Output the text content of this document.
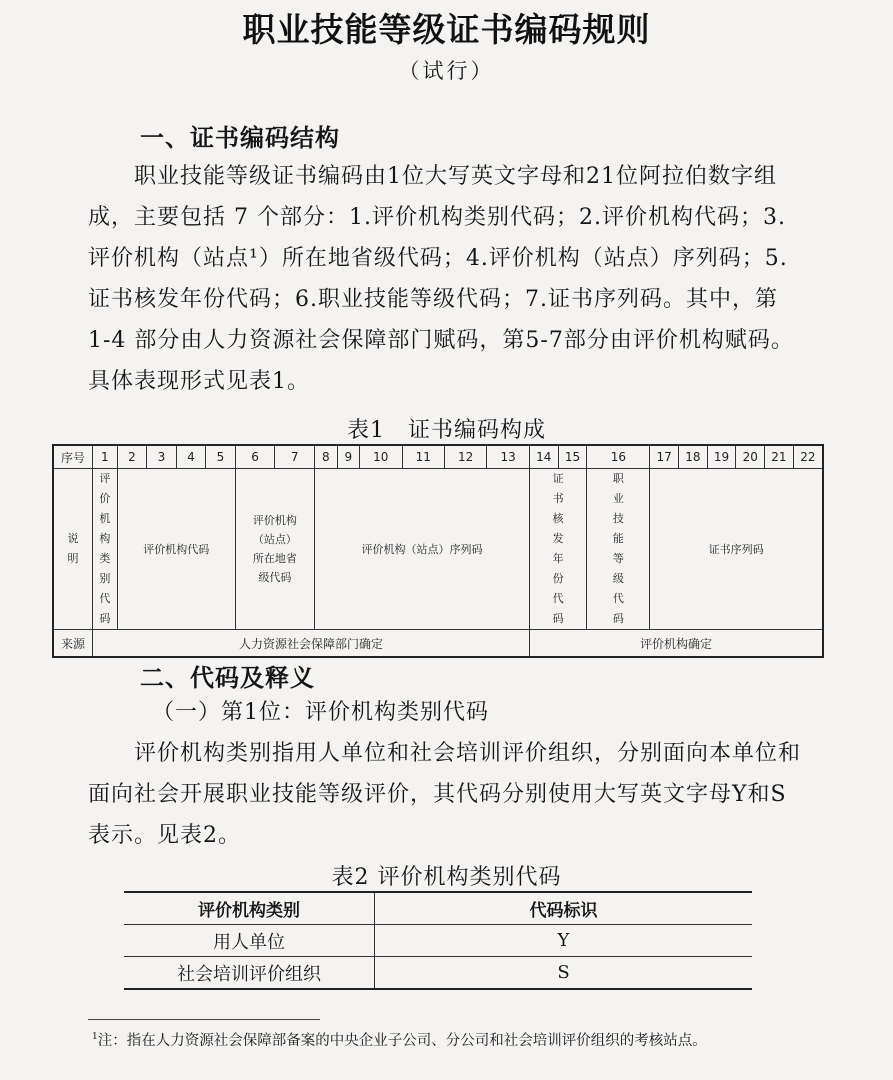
职业技能等级证书编码规则
（试行）
一、证书编码结构

职业技能等级证书编码由1位大写英文字母和21位阿拉伯数字组成，主要包括 7 个部分：1.评价机构类别代码；2.评价机构代码；3.评价机构（站点¹）所在地省级代码；4.评价机构（站点）序列码；5.证书核发年份代码；6.职业技能等级代码；7.证书序列码。其中，第 1-4 部分由人力资源社会保障部门赋码，第5-7部分由评价机构赋码。具体表现形式见表1。

表1　证书编码构成
序号	1	2	3	4	5	6	7	8	9	10	11	12	13	14	15	16	17	18	19	20	21	22

说明	评价机构类别代码	评价机构代码				评价机构（站点）所在地省级代码		评价机构（站点）序列码						证书核发年份代码		职业技能等级代码	证书序列码					
来源	人力资源社会保障部门确定													评价机构确定								
二、代码及释义
（一）第1位：评价机构类别代码

评价机构类别指用人单位和社会培训评价组织，分别面向本单位和面向社会开展职业技能等级评价，其代码分别使用大写英文字母Y和S表示。见表2。

表2 评价机构类别代码
评价机构类别	代码标识
用人单位	Y
社会培训评价组织	S

$^1$注：指在人力资源社会保障部备案的中央企业子公司、分公司和社会培训评价组织的考核站点。
